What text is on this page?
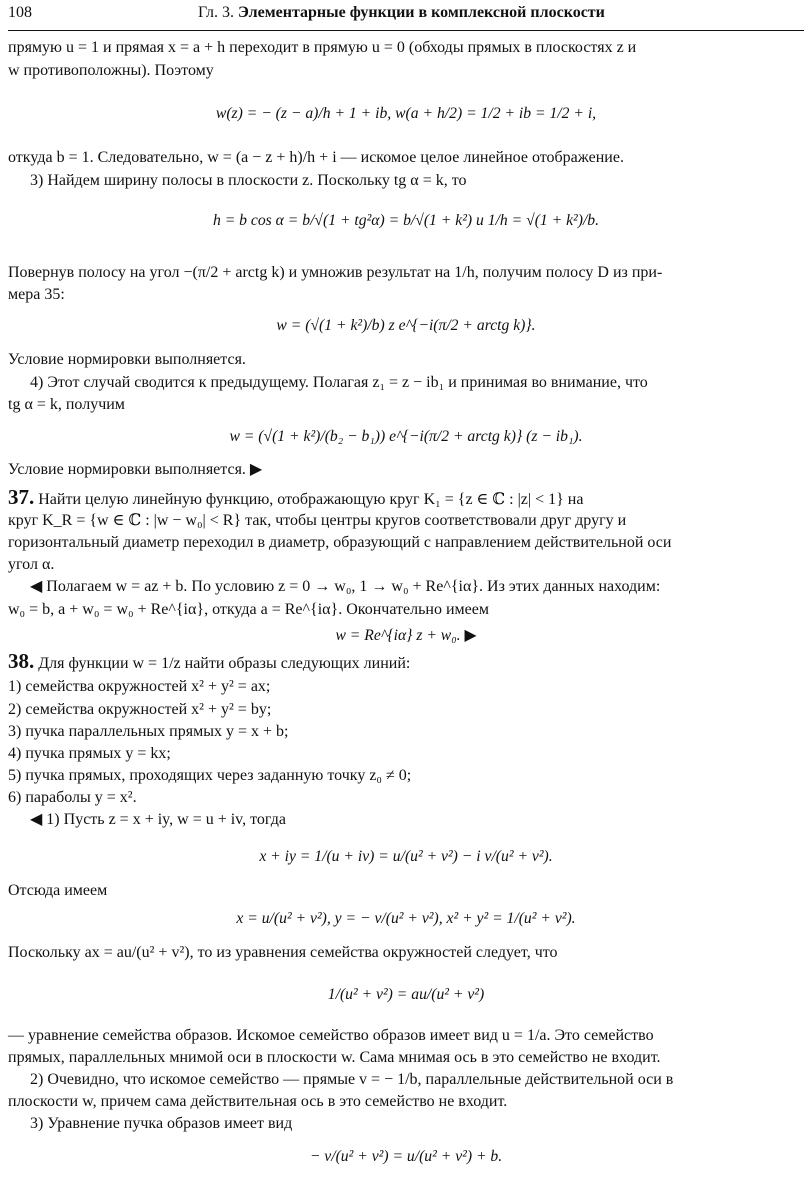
108	Гл. 3. Элементарные функции в комплексной плоскости
прямую u = 1 и прямая x = a + h переходит в прямую u = 0 (обходы прямых в плоскостях z и
w противоположны). Поэтому
w(z) = − (z − a)/h + 1 + ib, w(a + h/2) = 1/2 + ib = 1/2 + i,
откуда b = 1. Следовательно, w = (a − z + h)/h + i — искомое целое линейное отображение.
3) Найдем ширину полосы в плоскости z. Поскольку tg α = k, то
h = b cos α = b/√(1 + tg²α) = b/√(1 + k²) и 1/h = √(1 + k²)/b.
Повернув полосу на угол −(π/2 + arctg k) и умножив результат на 1/h, получим полосу D из при-
мера 35:
w = (√(1 + k²)/b) z e^{−i(π/2 + arctg k)}.
Условие нормировки выполняется.
4) Этот случай сводится к предыдущему. Полагая z₁ = z − ib₁ и принимая во внимание, что
tg α = k, получим
w = (√(1 + k²)/(b₂ − b₁)) e^{−i(π/2 + arctg k)} (z − ib₁).
Условие нормировки выполняется. ▶
37. Найти целую линейную функцию, отображающую круг K₁ = {z ∈ ℂ : |z| < 1} на
круг K_R = {w ∈ ℂ : |w − w₀| < R} так, чтобы центры кругов соответствовали друг другу и
горизонтальный диаметр переходил в диаметр, образующий с направлением действительной оси
угол α.
◀ Полагаем w = az + b. По условию z = 0 → w₀, 1 → w₀ + Re^{iα}. Из этих данных находим:
w₀ = b, a + w₀ = w₀ + Re^{iα}, откуда a = Re^{iα}. Окончательно имеем
w = Re^{iα} z + w₀. ▶
38. Для функции w = 1/z найти образы следующих линий:
1) семейства окружностей x² + y² = ax;
2) семейства окружностей x² + y² = by;
3) пучка параллельных прямых y = x + b;
4) пучка прямых y = kx;
5) пучка прямых, проходящих через заданную точку z₀ ≠ 0;
6) параболы y = x².
◀ 1) Пусть z = x + iy, w = u + iv, тогда
x + iy = 1/(u + iv) = u/(u² + v²) − i v/(u² + v²).
Отсюда имеем
x = u/(u² + v²), y = − v/(u² + v²), x² + y² = 1/(u² + v²).
Поскольку ax = au/(u² + v²), то из уравнения семейства окружностей следует, что
1/(u² + v²) = au/(u² + v²)
— уравнение семейства образов. Искомое семейство образов имеет вид u = 1/a. Это семейство
прямых, параллельных мнимой оси в плоскости w. Сама мнимая ось в это семейство не входит.
2) Очевидно, что искомое семейство — прямые v = − 1/b, параллельные действительной оси в
плоскости w, причем сама действительная ось в это семейство не входит.
3) Уравнение пучка образов имеет вид
− v/(u² + v²) = u/(u² + v²) + b.
